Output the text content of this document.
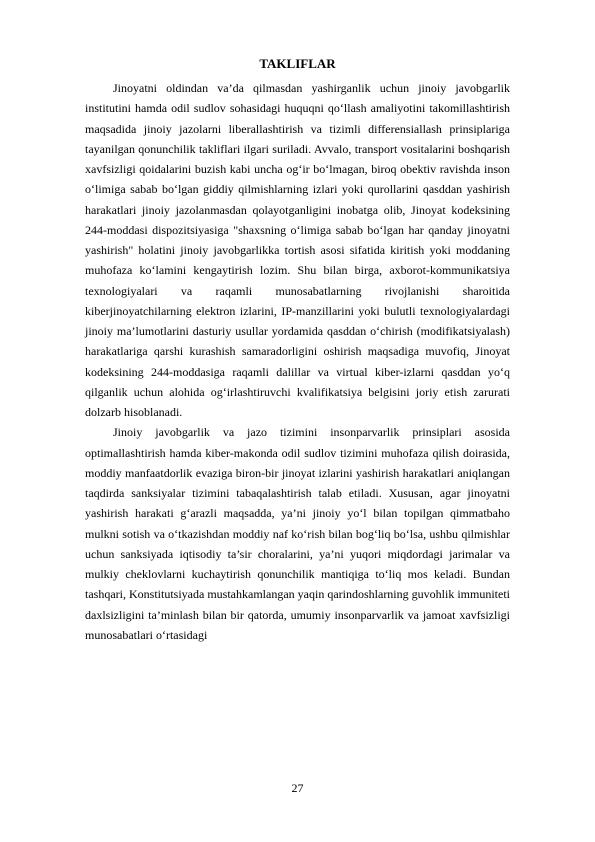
TAKLIFLAR

Jinoyatni oldindan va’da qilmasdan yashirganlik uchun jinoiy javobgarlik institutini hamda odil sudlov sohasidagi huquqni qo‘llash amaliyotini takomillashtirish maqsadida jinoiy jazolarni liberallashtirish va tizimli differensiallash prinsiplariga tayanilgan qonunchilik takliflari ilgari suriladi. Avvalo, transport vositalarini boshqarish xavfsizligi qoidalarini buzish kabi uncha og‘ir bo‘lmagan, biroq obektiv ravishda inson o‘limiga sabab bo‘lgan giddiy qilmishlarning izlari yoki qurollarini qasddan yashirish harakatlari jinoiy jazolanmasdan qolayotganligini inobatga olib, Jinoyat kodeksining 244-moddasi dispozitsiyasiga "shaxsning o‘limiga sabab bo‘lgan har qanday jinoyatni yashirish" holatini jinoiy javobgarlikka tortish asosi sifatida kiritish yoki moddaning muhofaza ko‘lamini kengaytirish lozim. Shu bilan birga, axborot-kommunikatsiya texnologiyalari va raqamli munosabatlarning rivojlanishi sharoitida kiberjinoyatchilarning elektron izlarini, IP-manzillarini yoki bulutli texnologiyalardagi jinoiy ma’lumotlarini dasturiy usullar yordamida qasddan o‘chirish (modifikatsiyalash) harakatlariga qarshi kurashish samaradorligini oshirish maqsadiga muvofiq, Jinoyat kodeksining 244-moddasiga raqamli dalillar va virtual kiber-izlarni qasddan yo‘q qilganlik uchun alohida og‘irlashtiruvchi kvalifikatsiya belgisini joriy etish zarurati dolzarb hisoblanadi.

Jinoiy javobgarlik va jazo tizimini insonparvarlik prinsiplari asosida optimallashtirish hamda kiber-makonda odil sudlov tizimini muhofaza qilish doirasida, moddiy manfaatdorlik evaziga biron-bir jinoyat izlarini yashirish harakatlari aniqlangan taqdirda sanksiyalar tizimini tabaqalashtirish talab etiladi. Xususan, agar jinoyatni yashirish harakati g‘arazli maqsadda, ya’ni jinoiy yo‘l bilan topilgan qimmatbaho mulkni sotish va o‘tkazishdan moddiy naf ko‘rish bilan bog‘liq bo‘lsa, ushbu qilmishlar uchun sanksiyada iqtisodiy ta’sir choralarini, ya’ni yuqori miqdordagi jarimalar va mulkiy cheklovlarni kuchaytirish qonunchilik mantiqiga to‘liq mos keladi. Bundan tashqari, Konstitutsiyada mustahkamlangan yaqin qarindoshlarning guvohlik immuniteti daxlsizligini ta’minlash bilan bir qatorda, umumiy insonparvarlik va jamoat xavfsizligi munosabatlari o‘rtasidagi

27
